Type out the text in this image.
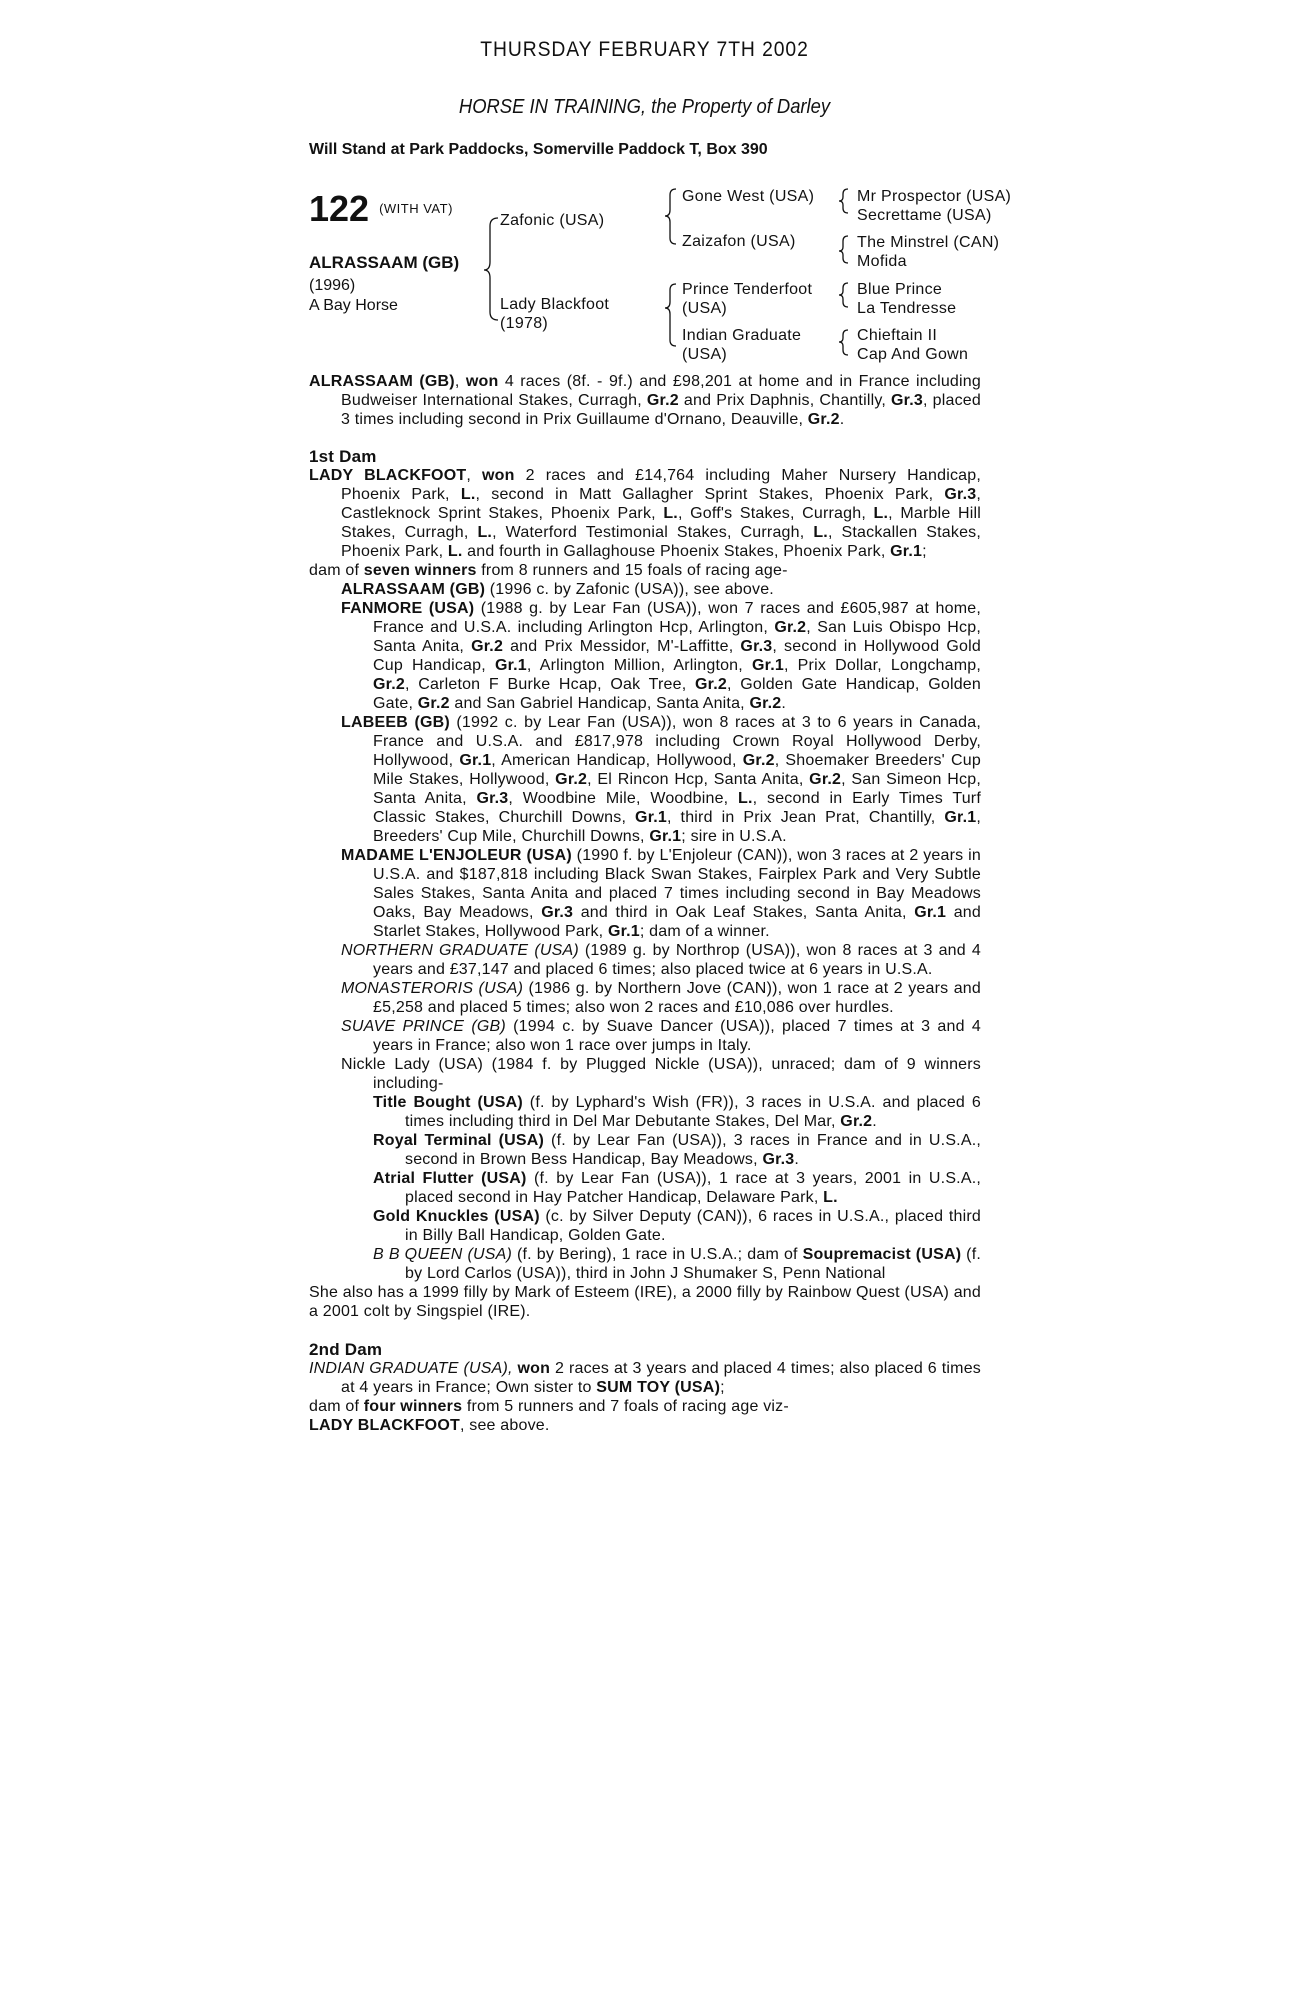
THURSDAY FEBRUARY 7TH 2002
HORSE IN TRAINING, the Property of Darley
Will Stand at Park Paddocks, Somerville Paddock T, Box 390
122 $^{(WITH VAT)}$
ALRASSAAM (GB)
(1996)
A Bay Horse
Zafonic (USA)
Lady Blackfoot
(1978)
Gone West (USA)
Zaizafon (USA)
Prince Tenderfoot
(USA)
Indian Graduate
(USA)
Mr Prospector (USA)
Secrettame (USA)
The Minstrel (CAN)
Mofida
Blue Prince
La Tendresse
Chieftain II
Cap And Gown

ALRASSAAM (GB), won 4 races (8f. - 9f.) and £98,201 at home and in France including Budweiser International Stakes, Curragh, Gr.2 and Prix Daphnis, Chantilly, Gr.3, placed 3 times including second in Prix Guillaume d'Ornano, Deauville, Gr.2.

1st Dam

LADY BLACKFOOT, won 2 races and £14,764 including Maher Nursery Handicap, Phoenix Park, L., second in Matt Gallagher Sprint Stakes, Phoenix Park, Gr.3, Castleknock Sprint Stakes, Phoenix Park, L., Goff's Stakes, Curragh, L., Marble Hill Stakes, Curragh, L., Waterford Testimonial Stakes, Curragh, L., Stackallen Stakes, Phoenix Park, L. and fourth in Gallaghouse Phoenix Stakes, Phoenix Park, Gr.1;

dam of seven winners from 8 runners and 15 foals of racing age-

ALRASSAAM (GB) (1996 c. by Zafonic (USA)), see above.

FANMORE (USA) (1988 g. by Lear Fan (USA)), won 7 races and £605,987 at home, France and U.S.A. including Arlington Hcp, Arlington, Gr.2, San Luis Obispo Hcp, Santa Anita, Gr.2 and Prix Messidor, M'-Laffitte, Gr.3, second in Hollywood Gold Cup Handicap, Gr.1, Arlington Million, Arlington, Gr.1, Prix Dollar, Longchamp, Gr.2, Carleton F Burke Hcap, Oak Tree, Gr.2, Golden Gate Handicap, Golden Gate, Gr.2 and San Gabriel Handicap, Santa Anita, Gr.2.

LABEEB (GB) (1992 c. by Lear Fan (USA)), won 8 races at 3 to 6 years in Canada, France and U.S.A. and £817,978 including Crown Royal Hollywood Derby, Hollywood, Gr.1, American Handicap, Hollywood, Gr.2, Shoemaker Breeders' Cup Mile Stakes, Hollywood, Gr.2, El Rincon Hcp, Santa Anita, Gr.2, San Simeon Hcp, Santa Anita, Gr.3, Woodbine Mile, Woodbine, L., second in Early Times Turf Classic Stakes, Churchill Downs, Gr.1, third in Prix Jean Prat, Chantilly, Gr.1, Breeders' Cup Mile, Churchill Downs, Gr.1; sire in U.S.A.

MADAME L'ENJOLEUR (USA) (1990 f. by L'Enjoleur (CAN)), won 3 races at 2 years in U.S.A. and $187,818 including Black Swan Stakes, Fairplex Park and Very Subtle Sales Stakes, Santa Anita and placed 7 times including second in Bay Meadows Oaks, Bay Meadows, Gr.3 and third in Oak Leaf Stakes, Santa Anita, Gr.1 and Starlet Stakes, Hollywood Park, Gr.1; dam of a winner.

NORTHERN GRADUATE (USA) (1989 g. by Northrop (USA)), won 8 races at 3 and 4 years and £37,147 and placed 6 times; also placed twice at 6 years in U.S.A.

MONASTERORIS (USA) (1986 g. by Northern Jove (CAN)), won 1 race at 2 years and £5,258 and placed 5 times; also won 2 races and £10,086 over hurdles.

SUAVE PRINCE (GB) (1994 c. by Suave Dancer (USA)), placed 7 times at 3 and 4 years in France; also won 1 race over jumps in Italy.

Nickle Lady (USA) (1984 f. by Plugged Nickle (USA)), unraced; dam of 9 winners including-

Title Bought (USA) (f. by Lyphard's Wish (FR)), 3 races in U.S.A. and placed 6 times including third in Del Mar Debutante Stakes, Del Mar, Gr.2.

Royal Terminal (USA) (f. by Lear Fan (USA)), 3 races in France and in U.S.A., second in Brown Bess Handicap, Bay Meadows, Gr.3.

Atrial Flutter (USA) (f. by Lear Fan (USA)), 1 race at 3 years, 2001 in U.S.A., placed second in Hay Patcher Handicap, Delaware Park, L.

Gold Knuckles (USA) (c. by Silver Deputy (CAN)), 6 races in U.S.A., placed third in Billy Ball Handicap, Golden Gate.

B B QUEEN (USA) (f. by Bering), 1 race in U.S.A.; dam of Soupremacist (USA) (f. by Lord Carlos (USA)), third in John J Shumaker S, Penn National

She also has a 1999 filly by Mark of Esteem (IRE), a 2000 filly by Rainbow Quest (USA) and a 2001 colt by Singspiel (IRE).

2nd Dam

INDIAN GRADUATE (USA), won 2 races at 3 years and placed 4 times; also placed 6 times at 4 years in France; Own sister to SUM TOY (USA);

dam of four winners from 5 runners and 7 foals of racing age viz-

LADY BLACKFOOT, see above.
